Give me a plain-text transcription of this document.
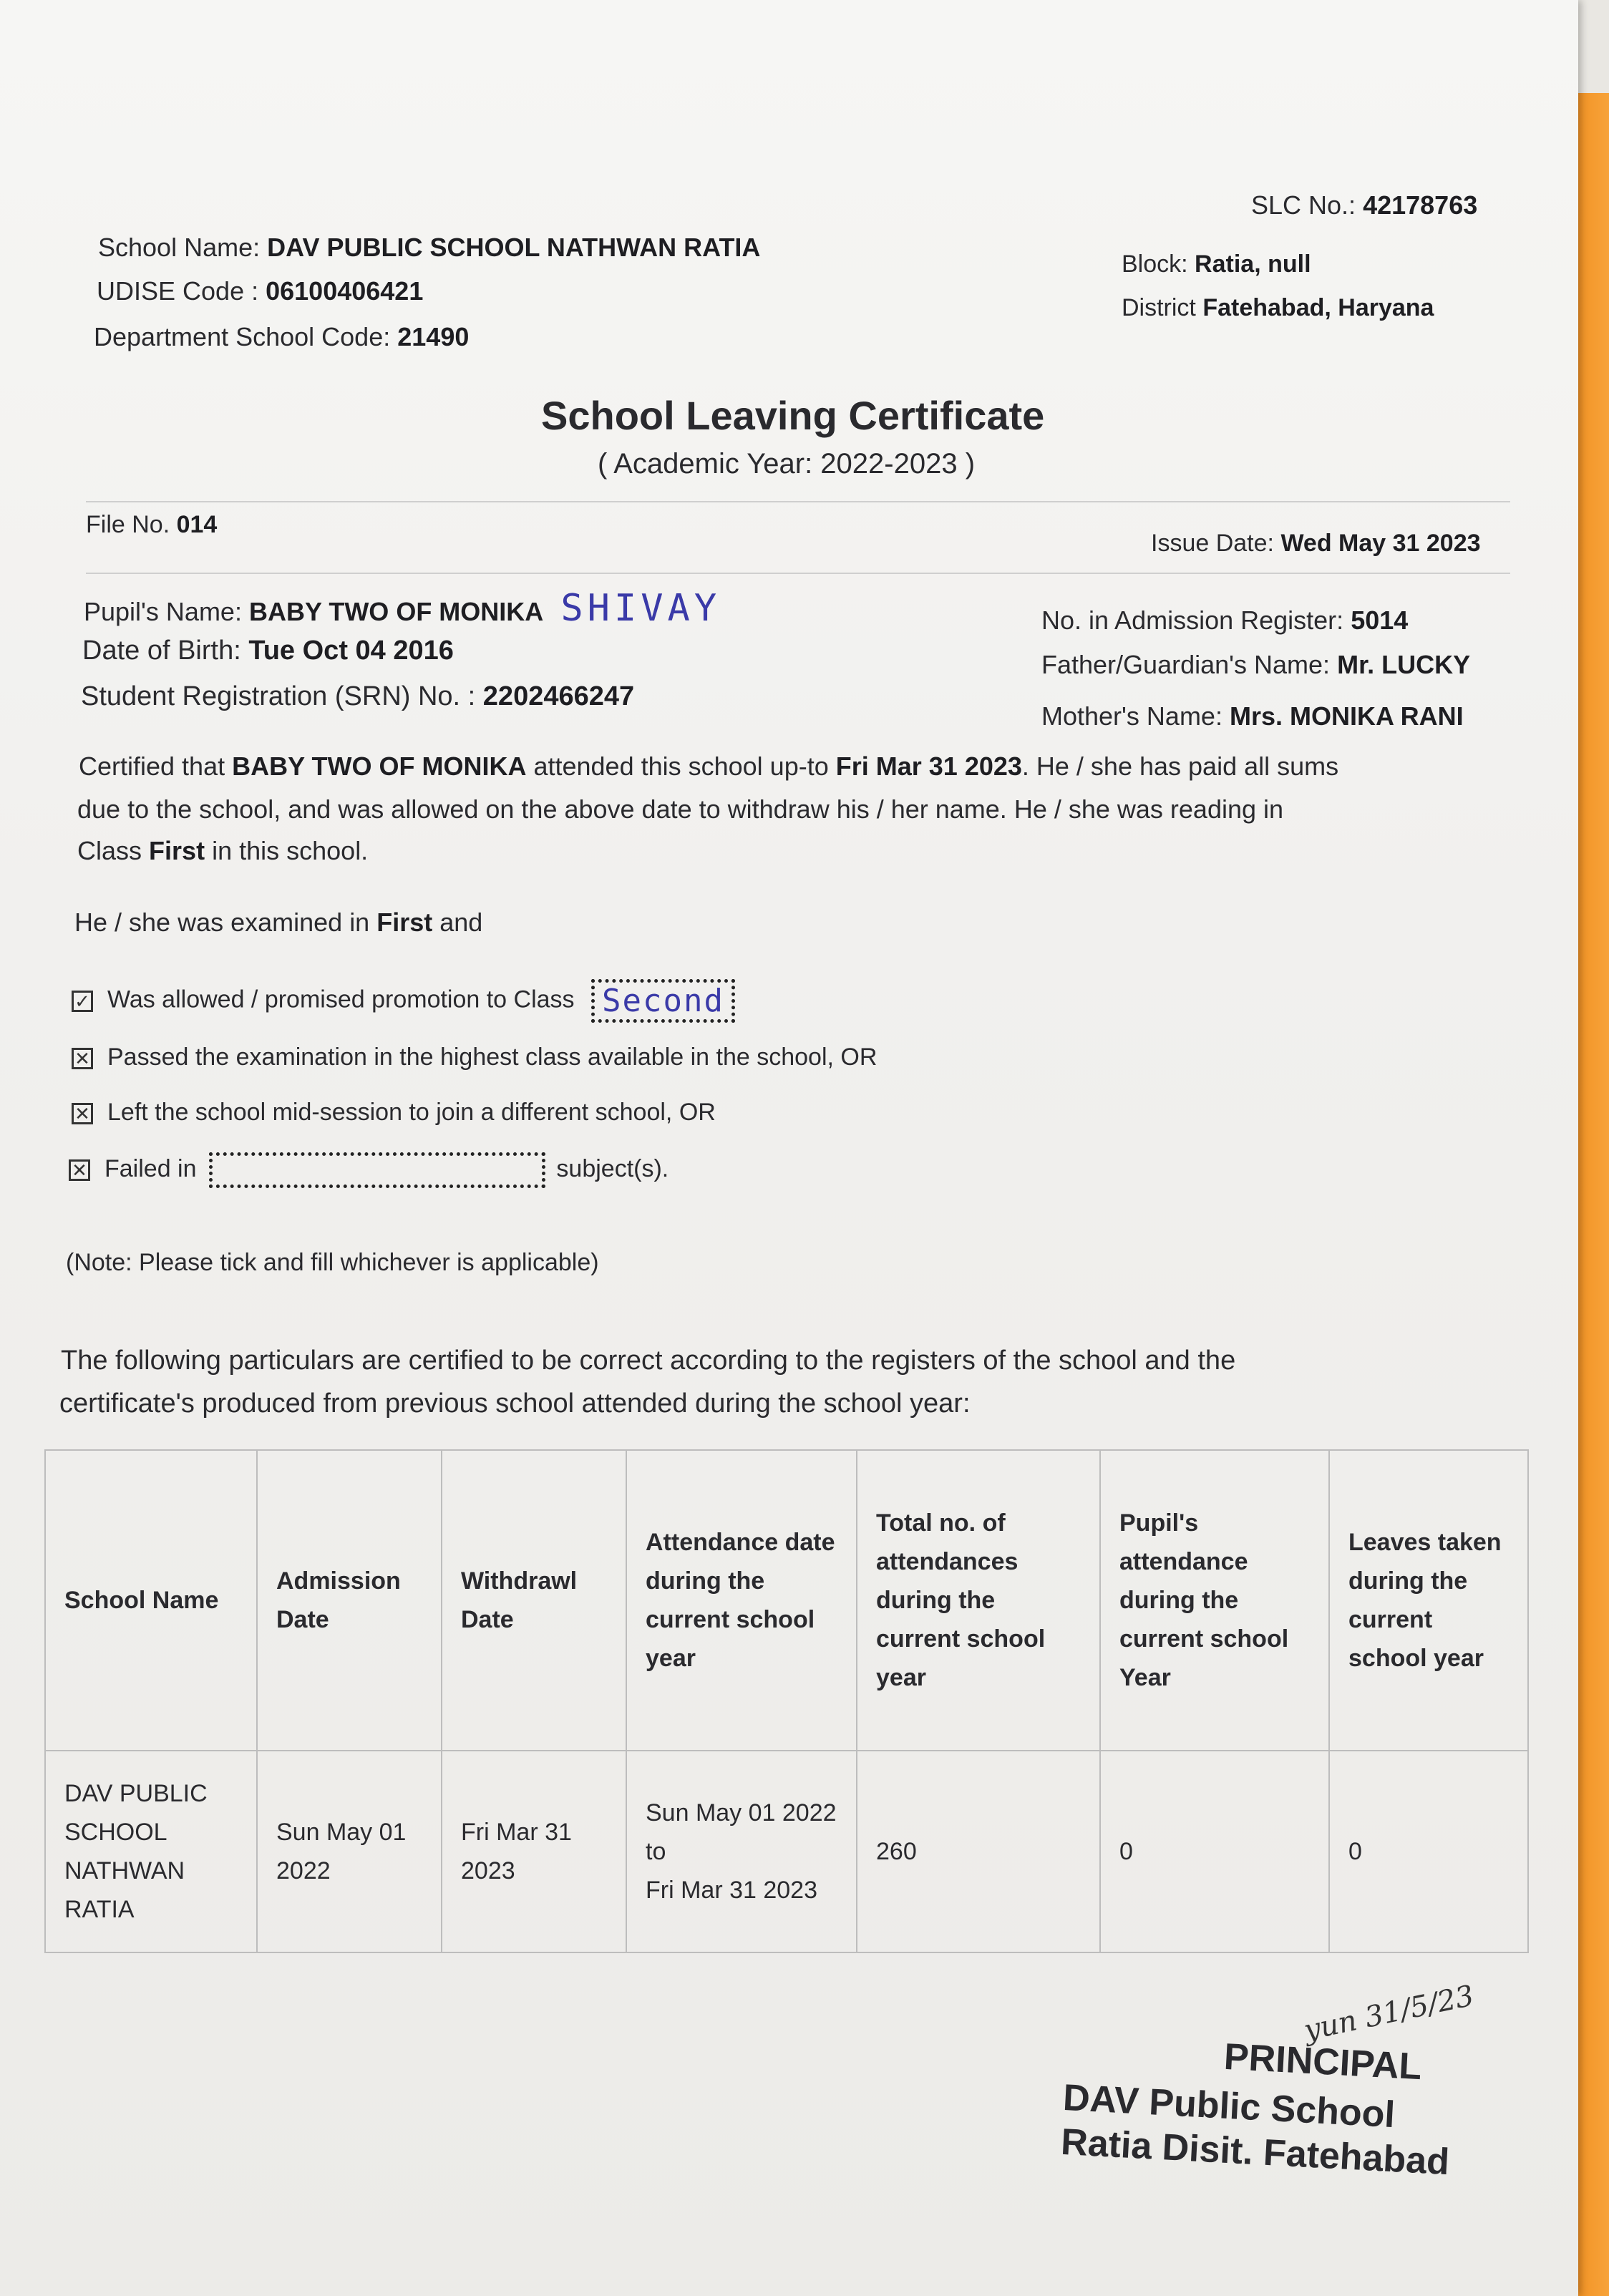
SLC No.: 42178763
School Name: DAV PUBLIC SCHOOL NATHWAN RATIA
UDISE Code : 06100406421
Department School Code: 21490
Block: Ratia, null
District Fatehabad, Haryana
School Leaving Certificate
( Academic Year: 2022-2023 )
File No. 014
Issue Date: Wed May 31 2023
Pupil's Name: BABY TWO OF MONIKA SHIVAY
Date of Birth: Tue Oct 04 2016
Student Registration (SRN) No. : 2202466247
No. in Admission Register: 5014
Father/Guardian's Name: Mr. LUCKY
Mother's Name: Mrs. MONIKA RANI
Certified that BABY TWO OF MONIKA attended this school up-to Fri Mar 31 2023. He / she has paid all sums
due to the school, and was allowed on the above date to withdraw his / her name. He / she was reading in
Class First in this school.
He / she was examined in First and
✓ Was allowed / promised promotion to Class Second
✕ Passed the examination in the highest class available in the school, OR
✕ Left the school mid-session to join a different school, OR
✕ Failed in	subject(s).
(Note: Please tick and fill whichever is applicable)
The following particulars are certified to be correct according to the registers of the school and the
certificate's produced from previous school attended during the school year:
School Name	Admission Date	Withdrawl Date	Attendance date during the current school year	Total no. of attendances during the current school year	Pupil's attendance during the current school Year	Leaves taken during the current school year
DAV PUBLIC SCHOOL NATHWAN RATIA	Sun May 01 2022	Fri Mar 31 2023	Sun May 01 2022
to
Fri Mar 31 2023	260	0	0
yun 31/5/23
PRINCIPAL
DAV Public School
Ratia Disit. Fatehabad
